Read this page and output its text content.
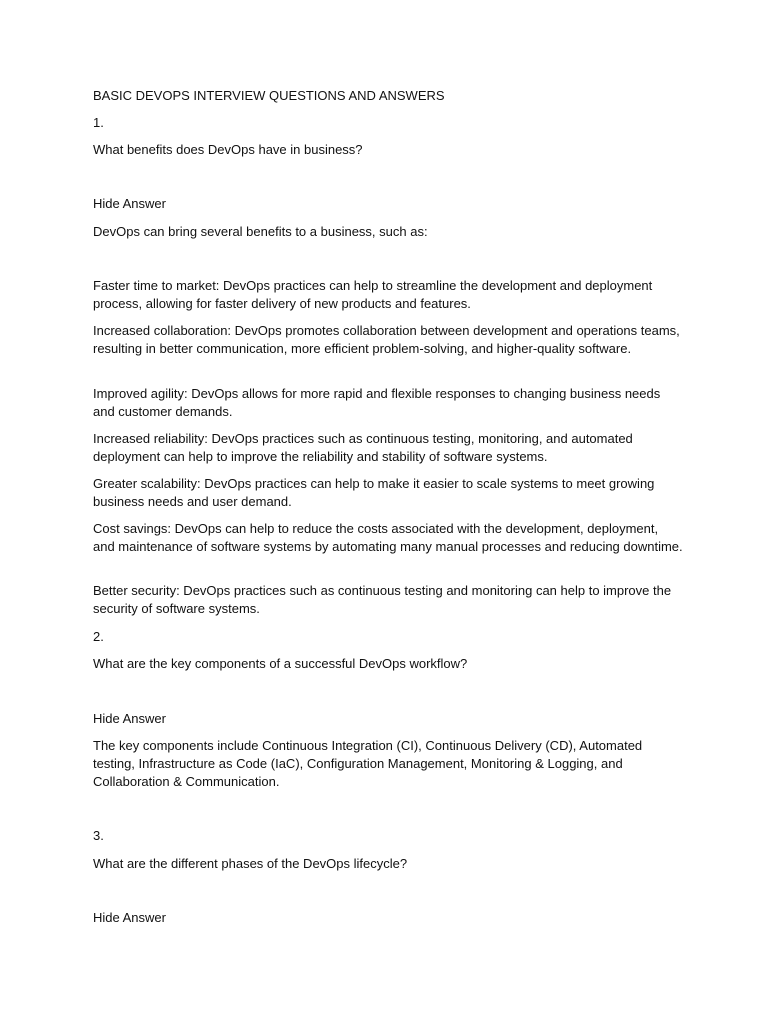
BASIC DEVOPS INTERVIEW QUESTIONS AND ANSWERS
1.
What benefits does DevOps have in business?
Hide Answer
DevOps can bring several benefits to a business, such as:
Faster time to market: DevOps practices can help to streamline the development and deployment process, allowing for faster delivery of new products and features.
Increased collaboration: DevOps promotes collaboration between development and operations teams, resulting in better communication, more efficient problem-solving, and higher-quality software.
Improved agility: DevOps allows for more rapid and flexible responses to changing business needs and customer demands.
Increased reliability: DevOps practices such as continuous testing, monitoring, and automated deployment can help to improve the reliability and stability of software systems.
Greater scalability: DevOps practices can help to make it easier to scale systems to meet growing business needs and user demand.
Cost savings: DevOps can help to reduce the costs associated with the development, deployment, and maintenance of software systems by automating many manual processes and reducing downtime.
Better security: DevOps practices such as continuous testing and monitoring can help to improve the security of software systems.
2.
What are the key components of a successful DevOps workflow?
Hide Answer
The key components include Continuous Integration (CI), Continuous Delivery (CD), Automated testing, Infrastructure as Code (IaC), Configuration Management, Monitoring & Logging, and Collaboration & Communication.
3.
What are the different phases of the DevOps lifecycle?
Hide Answer
